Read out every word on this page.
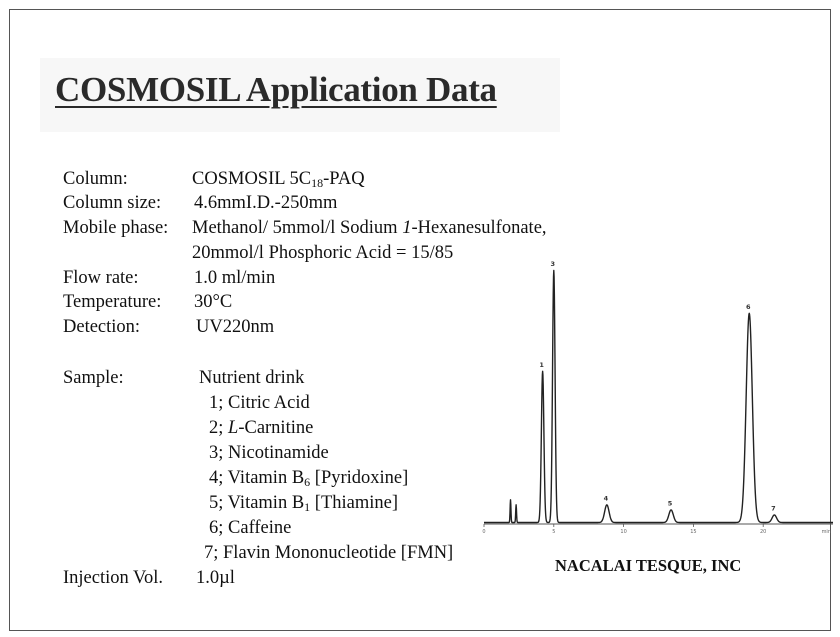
COSMOSIL Application Data
Column:	COSMOSIL $5C_{18}$-PAQ
Column size: 4.6mmI.D.-250mm
Mobile phase: Methanol/ 5mmol/l Sodium 1-Hexanesulfonate,
20mmol/l Phosphoric Acid = 15/85
Flow rate:	1.0 ml/min
Temperature: 30°C
Detection:	UV220nm
Sample:	Nutrient drink
1; Citric Acid
2; L-Carnitine
3; Nicotinamide
4; Vitamin $B_6$ [Pyridoxine]
5; Vitamin $B_1$ [Thiamine]
6; Caffeine
7; Flavin Mononucleotide [FMN]
Injection Vol. 1.0µl
0	5	10	15	20	min
1
3
4
5
6
7
NACALAI TESQUE, INC
